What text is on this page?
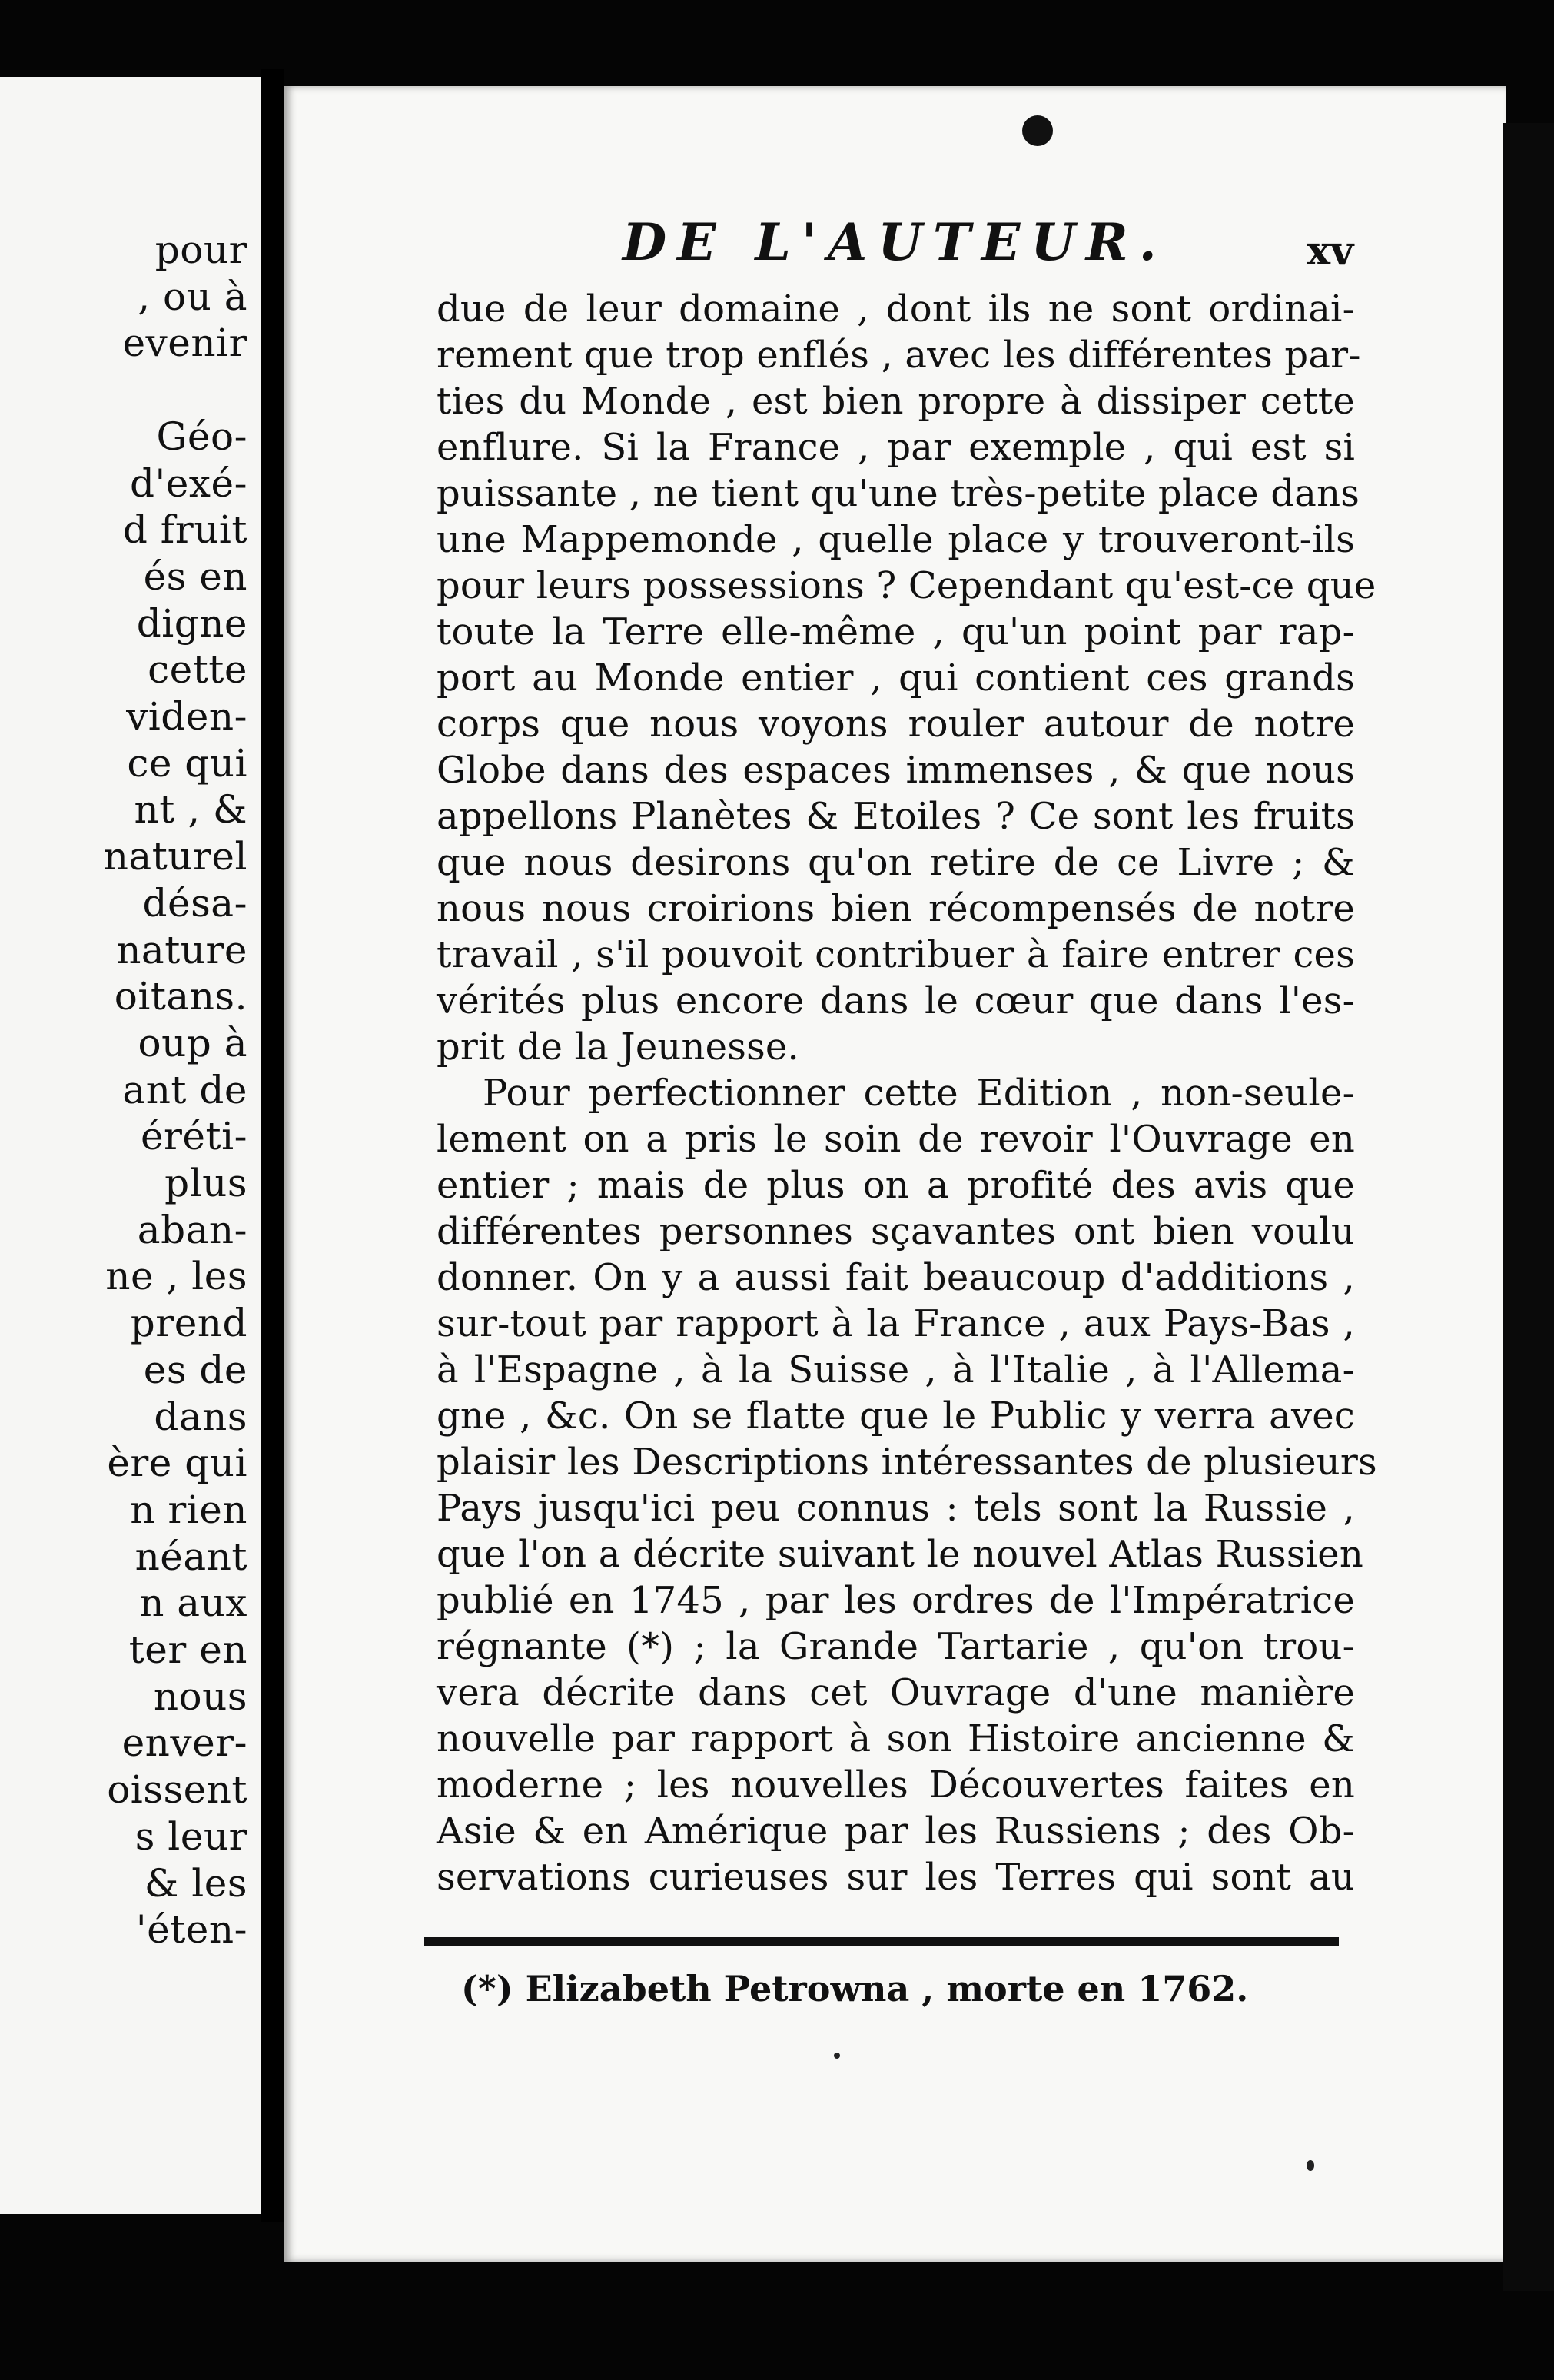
pour
, ou à
evenir
Géo-
d'exé-
d fruit
és en
digne
cette
viden-
ce qui
nt , &
naturel
désa-
nature
oitans.
oup à
ant de
éréti-
plus
aban-
ne , les
prend
es de
dans
ère qui
n rien
néant
n aux
ter en
nous
enver-
oissent
s leur
& les
'éten-
DE L'AUTEUR.	xv
due de leur domaine , dont ils ne sont ordinai-
rement que trop enflés , avec les différentes par-
ties du Monde , est bien propre à dissiper cette
enflure. Si la France , par exemple , qui est si
puissante , ne tient qu'une très-petite place dans
une Mappemonde , quelle place y trouveront-ils
pour leurs possessions ? Cependant qu'est-ce que
toute la Terre elle-même , qu'un point par rap-
port au Monde entier , qui contient ces grands
corps que nous voyons rouler autour de notre
Globe dans des espaces immenses , & que nous
appellons Planètes & Etoiles ? Ce sont les fruits
que nous desirons qu'on retire de ce Livre ; &
nous nous croirions bien récompensés de notre
travail , s'il pouvoit contribuer à faire entrer ces
vérités plus encore dans le cœur que dans l'es-
prit de la Jeunesse.
Pour perfectionner cette Edition , non-seule-
lement on a pris le soin de revoir l'Ouvrage en
entier ; mais de plus on a profité des avis que
différentes personnes sçavantes ont bien voulu
donner. On y a aussi fait beaucoup d'additions ,
sur-tout par rapport à la France , aux Pays-Bas ,
à l'Espagne , à la Suisse , à l'Italie , à l'Allema-
gne , &c. On se flatte que le Public y verra avec
plaisir les Descriptions intéressantes de plusieurs
Pays jusqu'ici peu connus : tels sont la Russie ,
que l'on a décrite suivant le nouvel Atlas Russien
publié en 1745 , par les ordres de l'Impératrice
régnante (*) ; la Grande Tartarie , qu'on trou-
vera décrite dans cet Ouvrage d'une manière
nouvelle par rapport à son Histoire ancienne &
moderne ; les nouvelles Découvertes faites en
Asie & en Amérique par les Russiens ; des Ob-
servations curieuses sur les Terres qui sont au
(*) Elizabeth Petrowna , morte en 1762.
